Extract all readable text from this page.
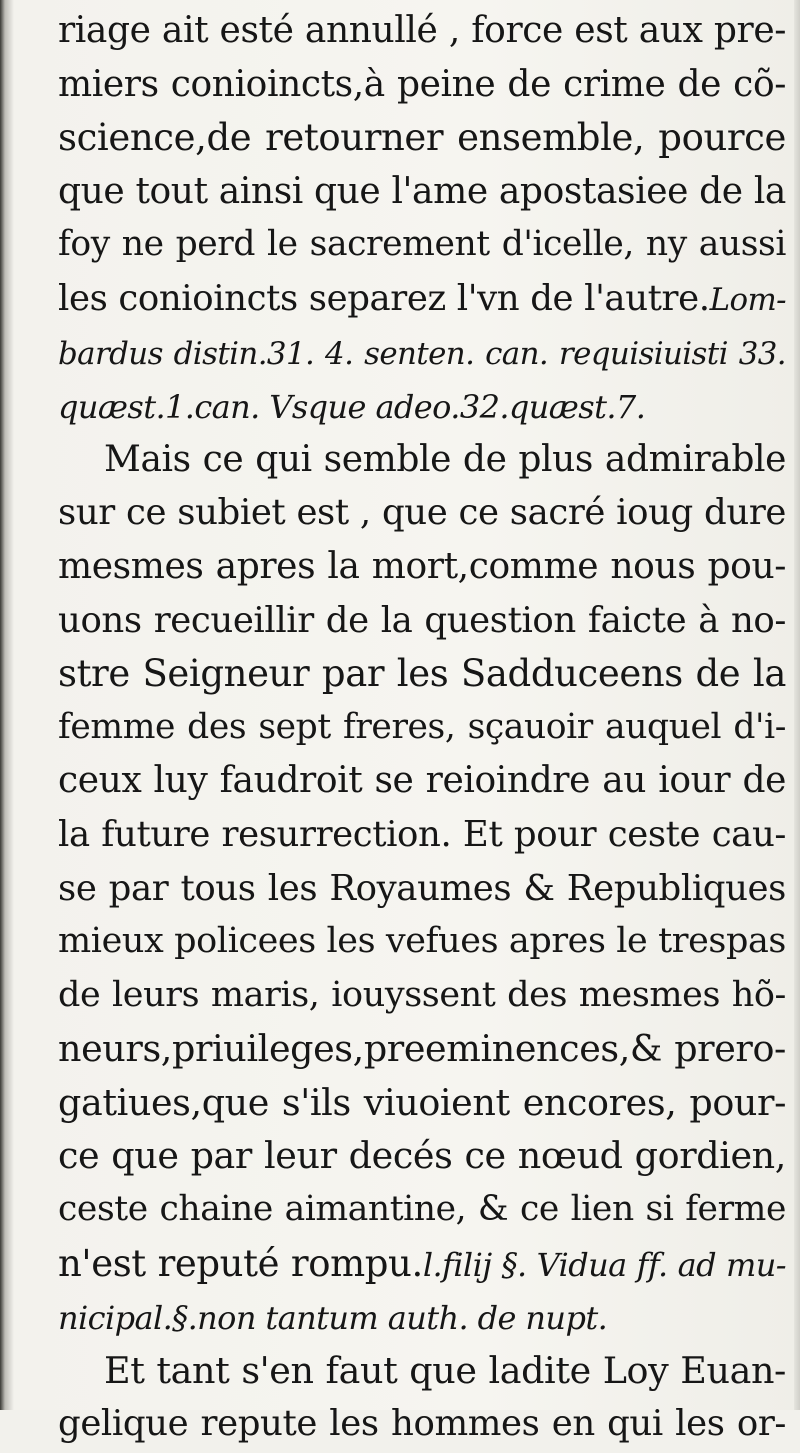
riage ait esté annullé , force est aux pre-
miers conioincts,à peine de crime de cõ-
science,de retourner ensemble, pource
que tout ainsi que l'ame apostasiee de la
foy ne perd le sacrement d'icelle, ny aussi
les conioincts separez l'vn de l'autre.Lom-
bardus distin.31. 4. senten. can. requisiuisti 33.
quæst.1.can. Vsque adeo.32.quæst.7.
Mais ce qui semble de plus admirable
sur ce subiet est , que ce sacré ioug dure
mesmes apres la mort,comme nous pou-
uons recueillir de la question faicte à no-
stre Seigneur par les Sadduceens de la
femme des sept freres, sçauoir auquel d'i-
ceux luy faudroit se reioindre au iour de
la future resurrection. Et pour ceste cau-
se par tous les Royaumes & Republiques
mieux policees les vefues apres le trespas
de leurs maris, iouyssent des mesmes hõ-
neurs,priuileges,preeminences,& prero-
gatiues,que s'ils viuoient encores, pour-
ce que par leur decés ce nœud gordien,
ceste chaine aimantine, & ce lien si ferme
n'est reputé rompu.l.filij §. Vidua ff. ad mu-
nicipal.§.non tantum auth. de nupt.
Et tant s'en faut que ladite Loy Euan-
gelique repute les hommes en qui les or-
